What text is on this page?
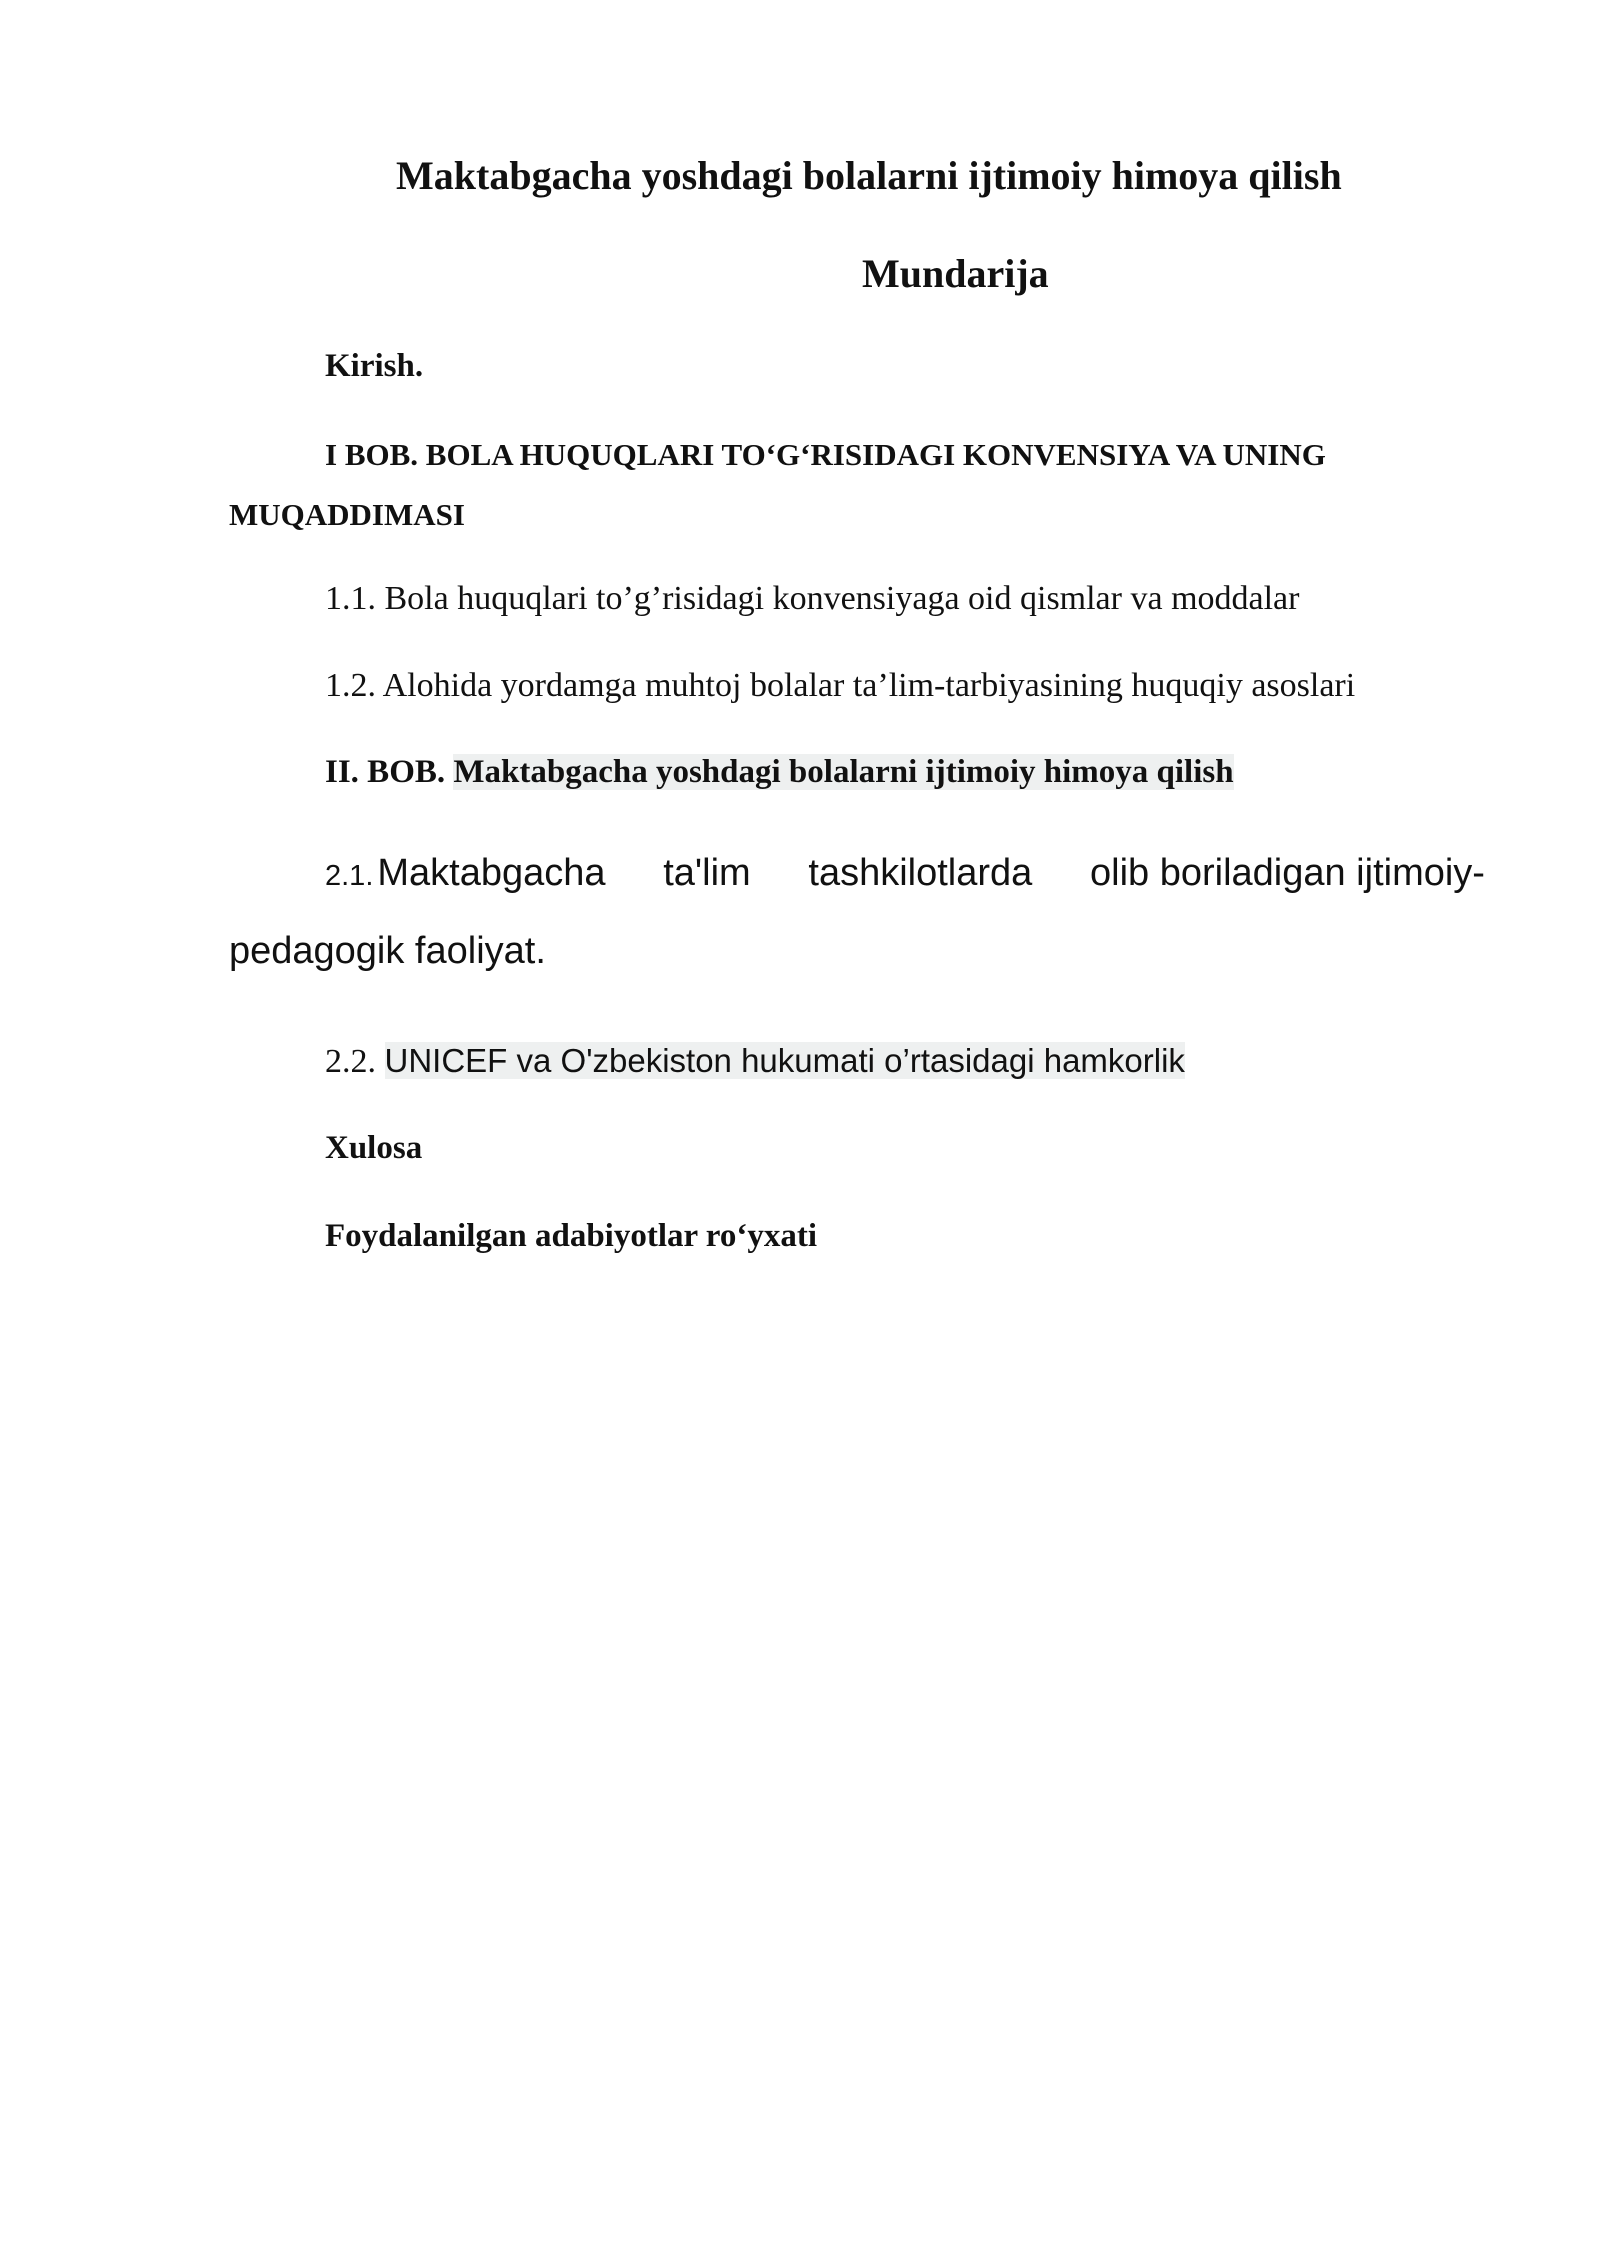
Maktabgacha yoshdagi bolalarni ijtimoiy himoya qilish
Mundarija
Kirish.
I BOB. BOLA HUQUQLARI TO‘G‘RISIDAGI KONVENSIYA VA UNING
MUQADDIMASI
1.1. Bola huquqlari to’g’risidagi konvensiyaga oid qismlar va moddalar
1.2. Alohida yordamga muhtoj bolalar ta’lim-tarbiyasining huquqiy asoslari
II. BOB. Maktabgacha yoshdagi bolalarni ijtimoiy himoya qilish
2.1. Maktabgacha ta'lim tashkilotlarda olib boriladigan ijtimoiy-
pedagogik faoliyat.
2.2. UNICEF va O'zbekiston hukumati o’rtasidagi hamkorlik
Xulosa
Foydalanilgan adabiyotlar ro‘yxati
